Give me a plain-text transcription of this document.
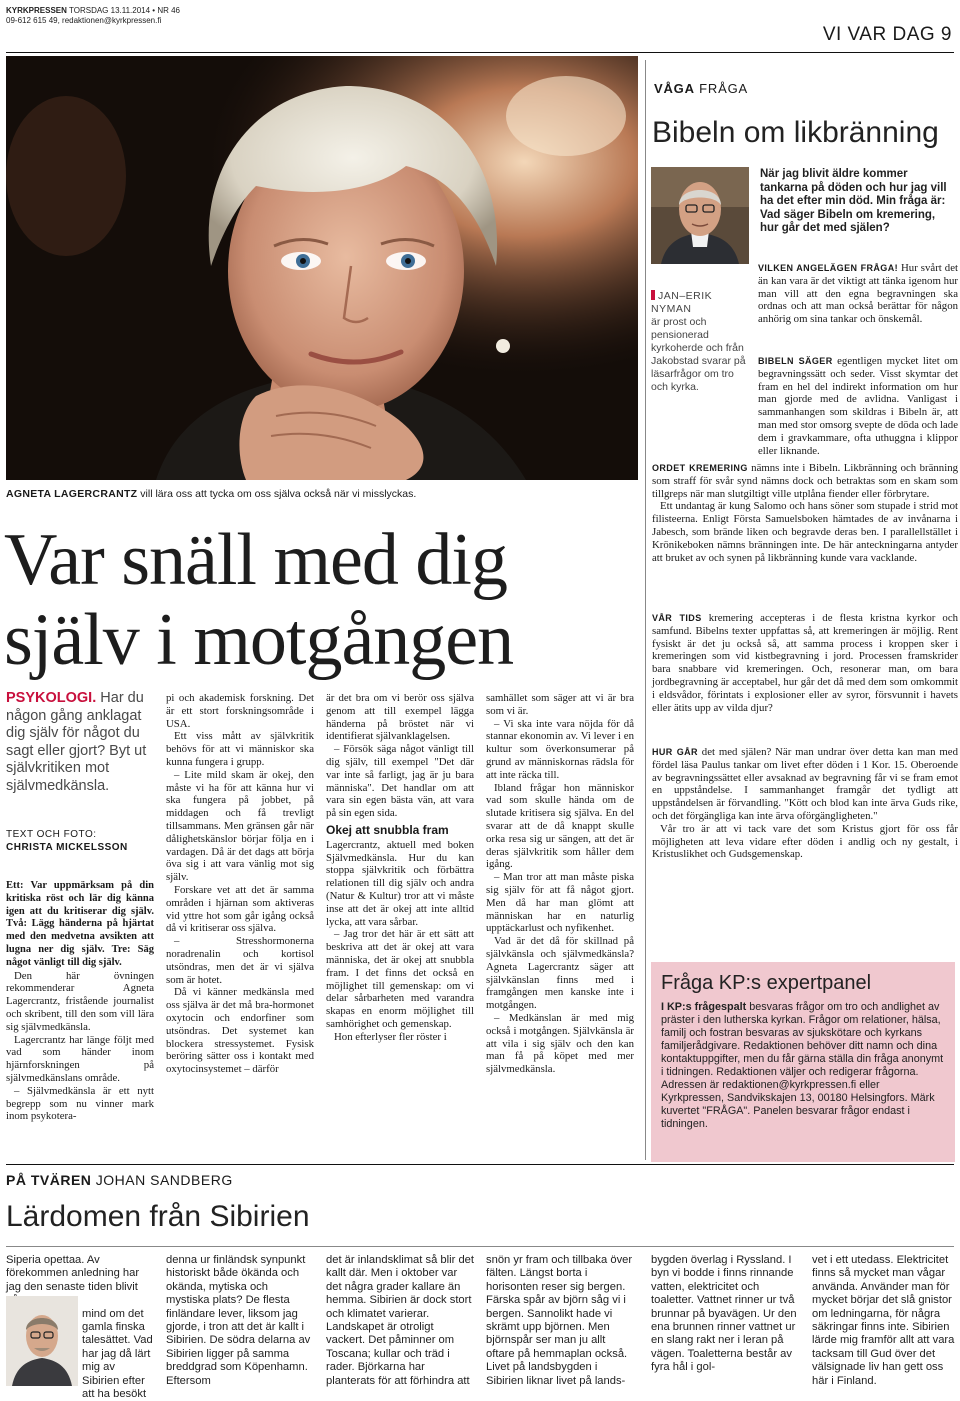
KYRKPRESSEN TORSDAG 13.11.2014 • NR 46
09-612 615 49, redaktionen@kyrkpressen.fi
VI VAR DAG 9
AGNETA LAGERCRANTZ vill lära oss att tycka om oss själva också när vi misslyckas.
Var snäll med dig
själv i motgången
PSYKOLOGI. Har du någon gång anklagat dig själv för något du sagt eller gjort? Byt ut självkritiken mot självmedkänsla.
TEXT OCH FOTO:
CHRISTA MICKELSSON

Ett: Var uppmärksam på din kritiska röst och lär dig känna igen att du kritiserar dig själv. Två: Lägg händerna på hjärtat med den medvetna avsikten att lugna ner dig själv. Tre: Säg något vänligt till dig själv.

Den här övningen rekommenderar Agneta Lagercrantz, fristående journalist och skribent, till den som vill lära sig självmedkänsla.

Lagercrantz har länge följt med vad som händer inom hjärnforskningen på självmedkänslans område.

– Självmedkänsla är ett nytt begrepp som nu vinner mark inom psykotera-

pi och akademisk forskning. Det är ett stort forskningsområde i USA.

Ett viss mått av självkritik behövs för att vi människor ska kunna fungera i grupp.

– Lite mild skam är okej, den måste vi ha för att känna hur vi ska fungera på jobbet, på middagen och få trevligt tillsammans. Men gränsen går när dålighetskänslor börjar följa en i vardagen. Då är det dags att börja öva sig i att vara vänlig mot sig själv.

Forskare vet att det är samma områden i hjärnan som aktiveras vid yttre hot som går igång också då vi kritiserar oss själva.

– Stresshormonerna noradrenalin och kortisol utsöndras, men det är vi själva som är hotet.

Då vi känner medkänsla med oss själva är det må bra-hormonet oxytocin och endorfiner som utsöndras. Det systemet kan blockera stressystemet. Fysisk beröring sätter oss i kontakt med oxytocinsystemet – därför

är det bra om vi berör oss själva genom att till exempel lägga händerna på bröstet när vi identifierat självanklagelsen.

– Försök säga något vänligt till dig själv, till exempel "Det där var inte så farligt, jag är ju bara människa". Det handlar om att vara sin egen bästa vän, att vara på sin egen sida.

Okej att snubbla fram

Lagercrantz, aktuell med boken Självmedkänsla. Hur du kan stoppa självkritik och förbättra relationen till dig själv och andra (Natur & Kultur) tror att vi måste inse att det är okej att inte alltid lycka, att vara sårbar.

– Jag tror det här är ett sätt att beskriva att det är okej att vara människa, det är okej att snubbla fram. I det finns det också en möjlighet till gemenskap: om vi delar sårbarheten med varandra skapas en enorm möjlighet till samhörighet och gemenskap.

Hon efterlyser fler röster i

samhället som säger att vi är bra som vi är.

– Vi ska inte vara nöjda för då stannar ekonomin av. Vi lever i en kultur som överkonsumerar på grund av människornas rädsla för att inte räcka till.

Ibland frågar hon människor vad som skulle hända om de slutade kritisera sig själva. En del svarar att de då knappt skulle orka resa sig ur sängen, att det är deras självkritik som håller dem igång.

– Man tror att man måste piska sig själv för att få något gjort. Men då har man glömt att människan har en naturlig upptäckarlust och nyfikenhet.

Vad är det då för skillnad på självkänsla och självmedkänsla? Agneta Lagercrantz säger att självkänslan finns med i framgången men kanske inte i motgången.

– Medkänslan är med mig också i motgången. Självkänsla är att vila i sig själv och den kan man få på köpet med mer självmedkänsla.

VÅGA FRÅGA
Bibeln om likbränning
När jag blivit äldre kommer tankarna på döden och hur jag vill ha det efter min död. Min fråga är: Vad säger Bibeln om kremering, hur går det med själen?
JAN–ERIK NYMAN
är prost och pensionerad kyrkoherde och från Jakobstad svarar på läsarfrågor om tro och kyrka.
VILKEN ANGELÄGEN FRÅGA! Hur svårt det än kan vara är det viktigt att tänka igenom hur man vill att den egna begravningen ska ordnas och att man också berättar för någon anhörig om sina tankar och önskemål.
BIBELN SÄGER egentligen mycket litet om begravningssätt och seder. Visst skymtar det fram en hel del indirekt information om hur man gjorde med de avlidna. Vanligast i sammanhangen som skildras i Bibeln är, att man med stor omsorg svepte de döda och lade dem i gravkammare, ofta uthuggna i klippor eller liknande.

ORDET KREMERING nämns inte i Bibeln. Likbränning och bränning som straff för svår synd nämns dock och betraktas som en skam som tillgreps när man slutgiltigt ville utplåna fiender eller förbrytare.

Ett undantag är kung Salomo och hans söner som stupade i strid mot filisteerna. Enligt Första Samuelsboken hämtades de av invånarna i Jabesch, som brände liken och begravde deras ben. I parallellstället i Krönikeboken nämns bränningen inte. De här anteckningarna antyder att bruket av och synen på likbränning kunde vara vacklande.

VÅR TIDS kremering accepteras i de flesta kristna kyrkor och samfund. Bibelns texter uppfattas så, att kremeringen är möjlig. Rent fysiskt är det ju också så, att samma process i kroppen sker i kremeringen som vid kistbegravning i jord. Processen framskrider bara snabbare vid kremeringen. Och, resonerar man, om bara jordbegravning är acceptabel, hur går det då med dem som omkommit i eldsvådor, förintats i explosioner eller av syror, försvunnit i havets eller ätits upp av vilda djur?

HUR GÅR det med själen? När man undrar över detta kan man med fördel läsa Paulus tankar om livet efter döden i 1 Kor. 15. Oberoende av begravningssättet eller avsaknad av begravning får vi se fram emot en uppståndelse. I sammanhanget framgår det tydligt att uppståndelsen är förvandling. "Kött och blod kan inte ärva Guds rike, och det förgängliga kan inte ärva oförgängligheten."

Vår tro är att vi tack vare det som Kristus gjort för oss får möjligheten att leva vidare efter döden i andlig och ny gestalt, i Kristuslikhet och Gudsgemenskap.

Fråga KP:s expertpanel
I KP:s frågespalt besvaras frågor om tro och andlighet av präster i den lutherska kyrkan. Frågor om relationer, hälsa, familj och fostran besvaras av sjukskötare och kyrkans familjerådgivare. Redaktionen behöver ditt namn och dina kontaktuppgifter, men du får gärna ställa din fråga anonymt i tidningen. Redaktionen väljer och redigerar frågorna. Adressen är redaktionen@kyrkpressen.fi eller Kyrkpressen, Sandvikskajen 13, 00180 Helsingfors. Märk kuvertet "FRÅGA". Panelen besvarar frågor endast i tidningen.
PÅ TVÄREN JOHAN SANDBERG
Lärdomen från Sibirien
Siperia opettaa. Av förekommen anledning har jag den senaste tiden blivit
mind om det gamla finska talesättet. Vad har jag då lärt mig av Sibirien efter att ha besökt
denna ur finländsk synpunkt historiskt både ökända och okända, mytiska och mystiska plats? De flesta finländare lever, liksom jag gjorde, i tron att det är kallt i Sibirien. De södra delarna av Sibirien ligger på samma breddgrad som Köpenhamn. Eftersom
det är inlandsklimat så blir det kallt där. Men i oktober var det några grader kallare än hemma. Sibirien är dock stort och klimatet varierar. Landskapet är otroligt vackert. Det påminner om Toscana; kullar och träd i rader. Björkarna har planterats för att förhindra att
snön yr fram och tillbaka över fälten. Längst borta i horisonten reser sig bergen. Färska spår av björn såg vi i bergen. Sannolikt hade vi skrämt upp björnen. Men björnspår ser man ju allt oftare på hemmaplan också. Livet på landsbygden i Sibirien liknar livet på lands-
bygden överlag i Ryssland. I byn vi bodde i finns rinnande vatten, elektricitet och toaletter. Vattnet rinner ur två brunnar på byavägen. Ur den ena brunnen rinner vattnet ur en slang rakt ner i leran på vägen. Toaletterna består av fyra hål i gol-
vet i ett utedass. Elektricitet finns så mycket man vågar använda. Använder man för mycket börjar det slå gnistor om ledningarna, för några säkringar finns inte. Sibirien lärde mig framför allt att vara tacksam till Gud över det välsignade liv han gett oss här i Finland.
